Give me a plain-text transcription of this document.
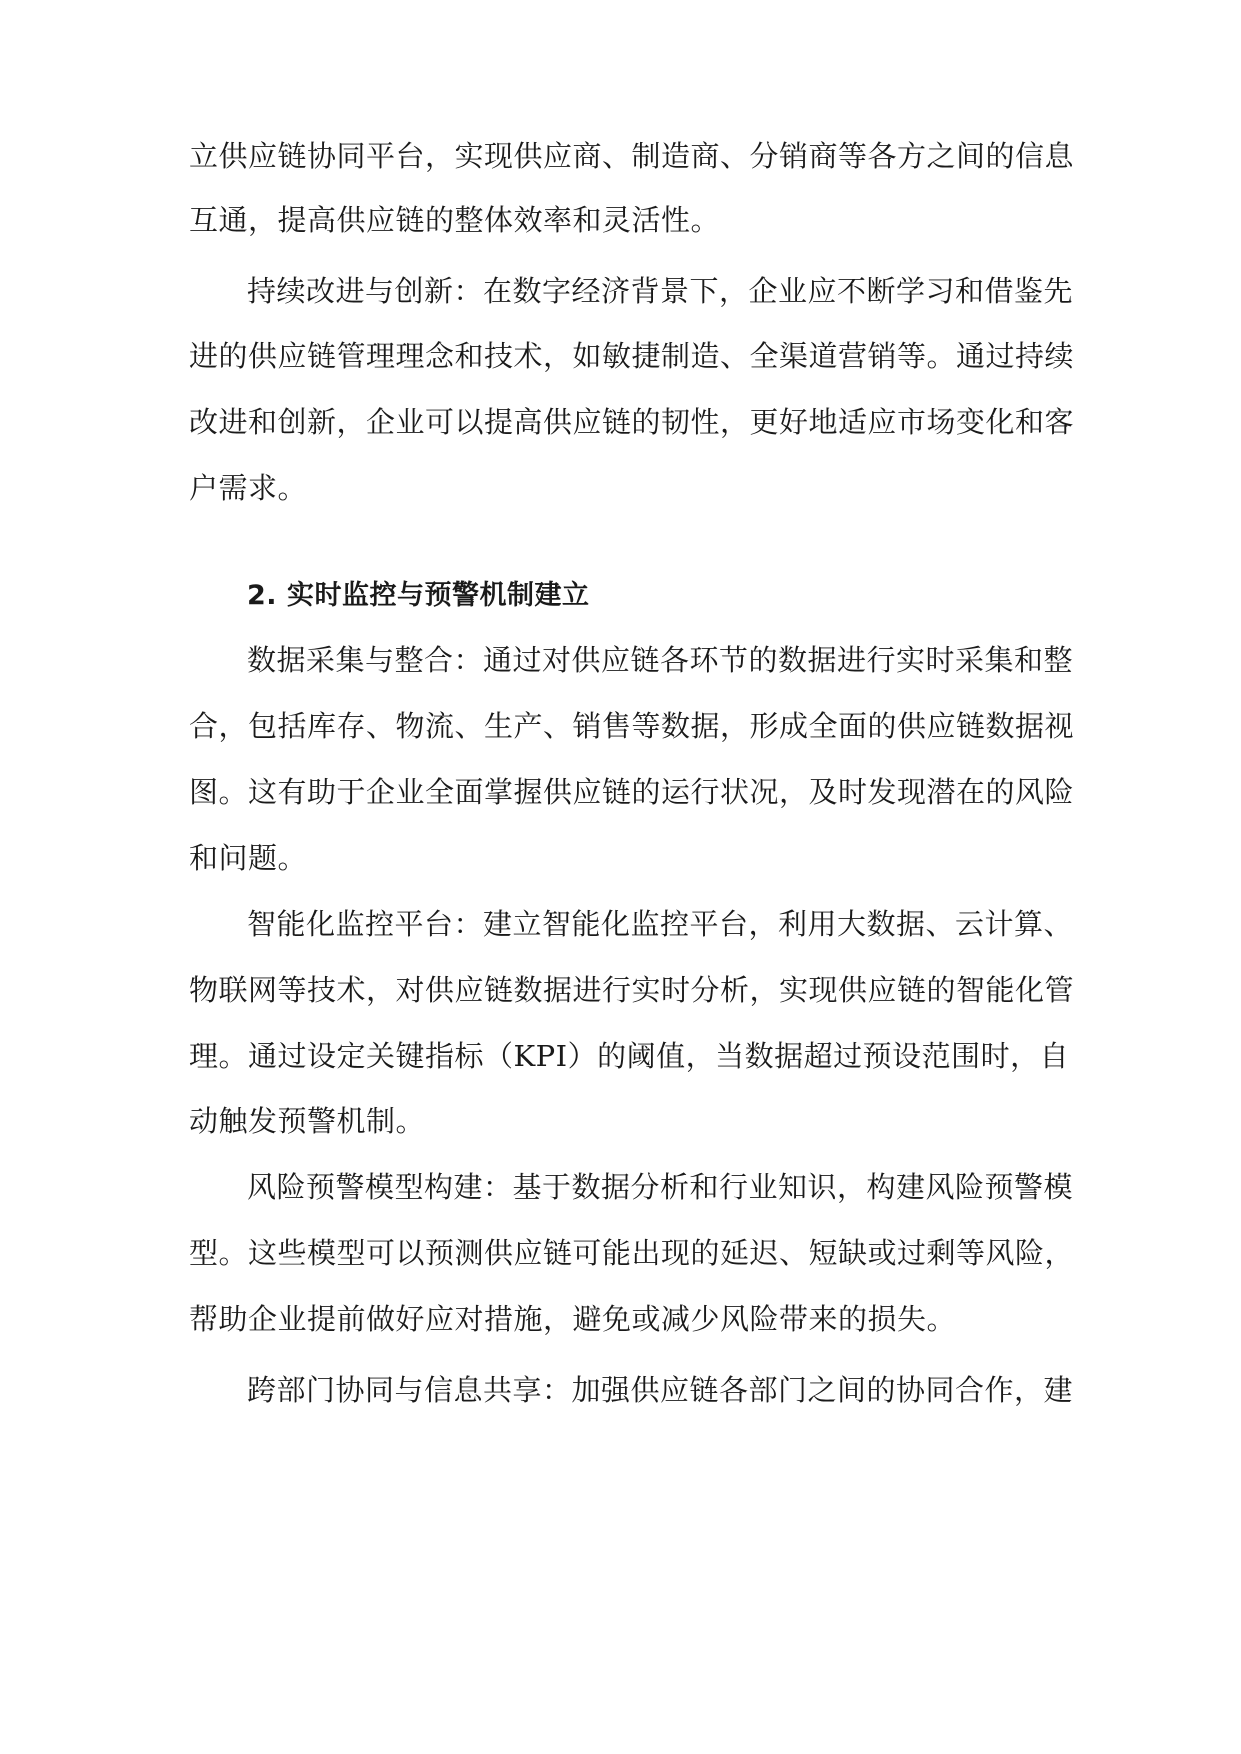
立供应链协同平台，实现供应商、制造商、分销商等各方之间的信息
互通，提高供应链的整体效率和灵活性。
持续改进与创新：在数字经济背景下，企业应不断学习和借鉴先
进的供应链管理理念和技术，如敏捷制造、全渠道营销等。通过持续
改进和创新，企业可以提高供应链的韧性，更好地适应市场变化和客
户需求。
2. 实时监控与预警机制建立
数据采集与整合：通过对供应链各环节的数据进行实时采集和整
合，包括库存、物流、生产、销售等数据，形成全面的供应链数据视
图。这有助于企业全面掌握供应链的运行状况，及时发现潜在的风险
和问题。
智能化监控平台：建立智能化监控平台，利用大数据、云计算、
物联网等技术，对供应链数据进行实时分析，实现供应链的智能化管
理。通过设定关键指标（KPI）的阈值，当数据超过预设范围时，自
动触发预警机制。
风险预警模型构建：基于数据分析和行业知识，构建风险预警模
型。这些模型可以预测供应链可能出现的延迟、短缺或过剩等风险，
帮助企业提前做好应对措施，避免或减少风险带来的损失。
跨部门协同与信息共享：加强供应链各部门之间的协同合作，建
